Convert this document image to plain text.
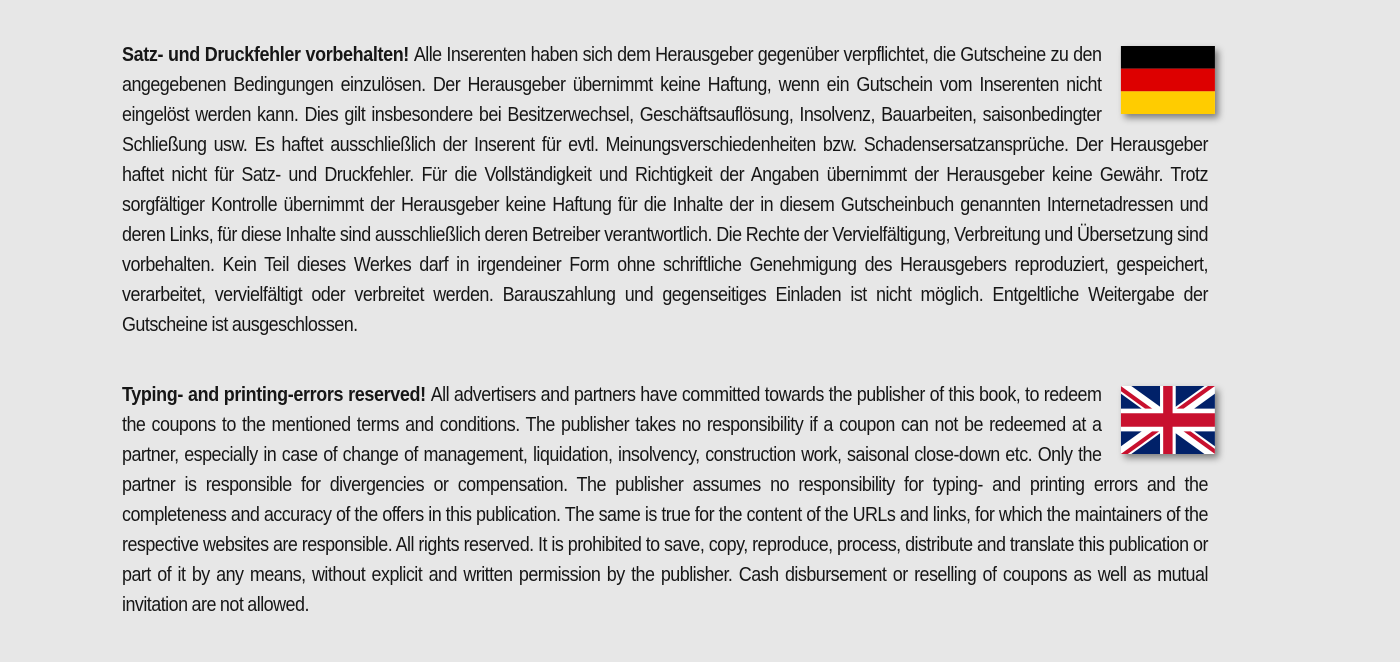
Satz- und Druckfehler vorbehalten! Alle Inserenten haben sich dem Herausgeber gegenüber verpflichtet, die Gutscheine zu den angegebenen Bedingungen einzulösen. Der Herausgeber übernimmt keine Haftung, wenn ein Gutschein vom Inserenten nicht eingelöst werden kann. Dies gilt insbesondere bei Besitzerwechsel, Geschäftsauflösung, Insolvenz, Bauarbeiten, saisonbedingter Schließung usw. Es haftet ausschließlich der Inserent für evtl. Meinungsverschiedenheiten bzw. Schadensersatzansprüche. Der Herausgeber haftet nicht für Satz- und Druckfehler. Für die Vollständigkeit und Richtigkeit der Angaben übernimmt der Herausgeber keine Gewähr. Trotz sorgfältiger Kontrolle übernimmt der Herausgeber keine Haftung für die Inhalte der in diesem Gutscheinbuch genannten Internetadressen und deren Links, für diese Inhalte sind ausschließlich deren Betreiber verantwortlich. Die Rechte der Vervielfältigung, Verbreitung und Übersetzung sind vorbehalten. Kein Teil dieses Werkes darf in irgendeiner Form ohne schriftliche Genehmigung des Herausgebers reproduziert, gespeichert, verarbeitet, vervielfältigt oder verbreitet werden. Barauszahlung und gegenseitiges Einladen ist nicht möglich. Entgeltliche Weitergabe der Gutscheine ist ausgeschlossen.
Typing- and printing-errors reserved! All advertisers and partners have committed towards the publisher of this book, to redeem the coupons to the mentioned terms and conditions. The publisher takes no responsibility if a coupon can not be redeemed at a partner, especially in case of change of management, liquidation, insolvency, construction work, saisonal close-down etc. Only the partner is responsible for divergencies or compensation. The publisher assumes no responsibility for typing- and printing errors and the completeness and accuracy of the offers in this publication. The same is true for the content of the URLs and links, for which the maintainers of the respective websites are responsible. All rights reserved. It is prohibited to save, copy, reproduce, process, distribute and translate this publication or part of it by any means, without explicit and written permission by the publisher. Cash disbursement or reselling of coupons as well as mutual invitation are not allowed.
